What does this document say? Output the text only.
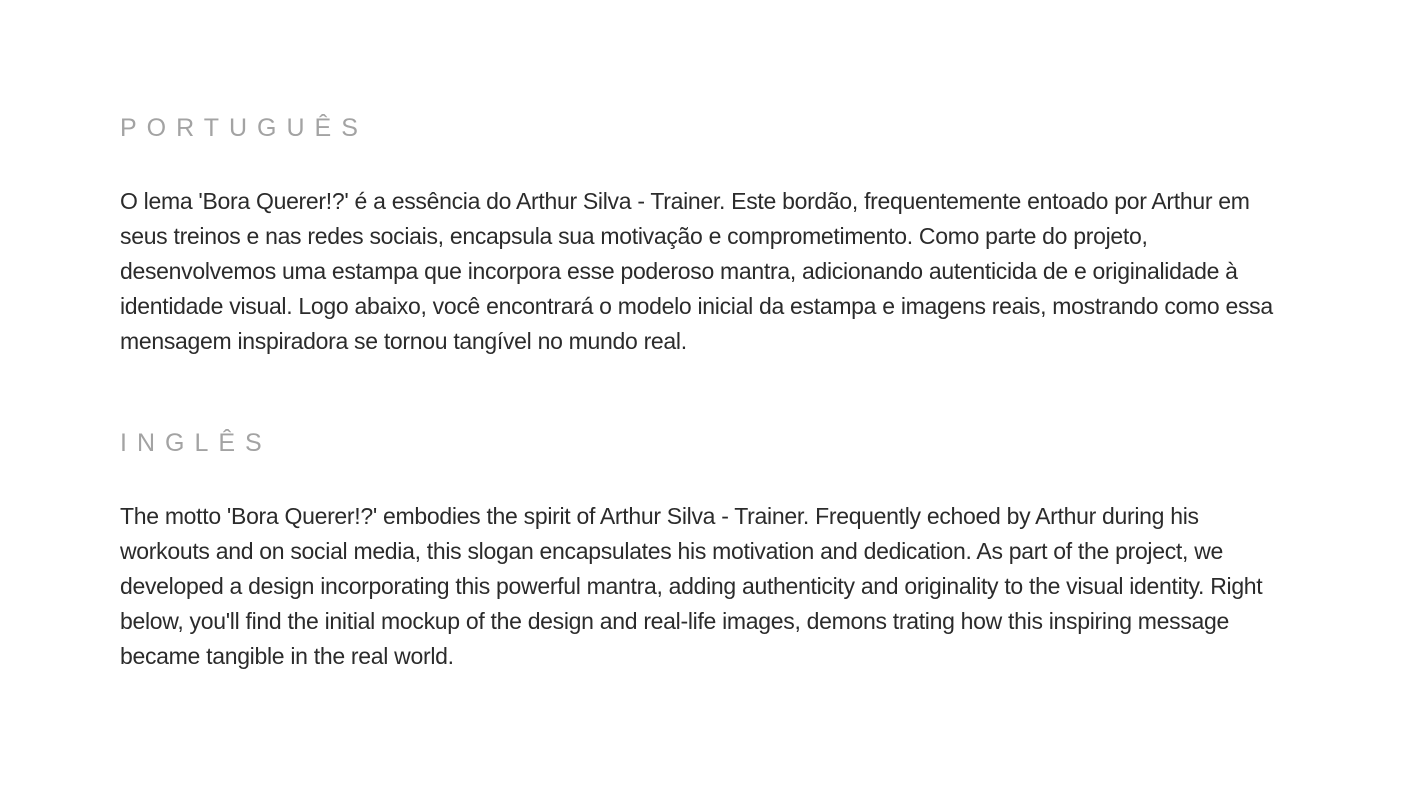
PORTUGUÊS

O lema 'Bora Querer!?' é a essência do Arthur Silva - Trainer. Este bordão, frequentemente entoado por Arthur em seus treinos e nas redes sociais, encapsula sua motivação e comprometimento. Como parte do projeto, desenvolvemos uma estampa que incorpora esse poderoso mantra, adicionando autenticida de e originalidade à identidade visual. Logo abaixo, você encontrará o modelo inicial da estampa e imagens reais, mostrando como essa mensagem inspiradora se tornou tangível no mundo real.

INGLÊS

The motto 'Bora Querer!?' embodies the spirit of Arthur Silva - Trainer. Frequently echoed by Arthur during his workouts and on social media, this slogan encapsulates his motivation and dedication. As part of the project, we developed a design incorporating this powerful mantra, adding authenticity and originality to the visual identity. Right below, you'll find the initial mockup of the design and real-life images, demons trating how this inspiring message became tangible in the real world.
